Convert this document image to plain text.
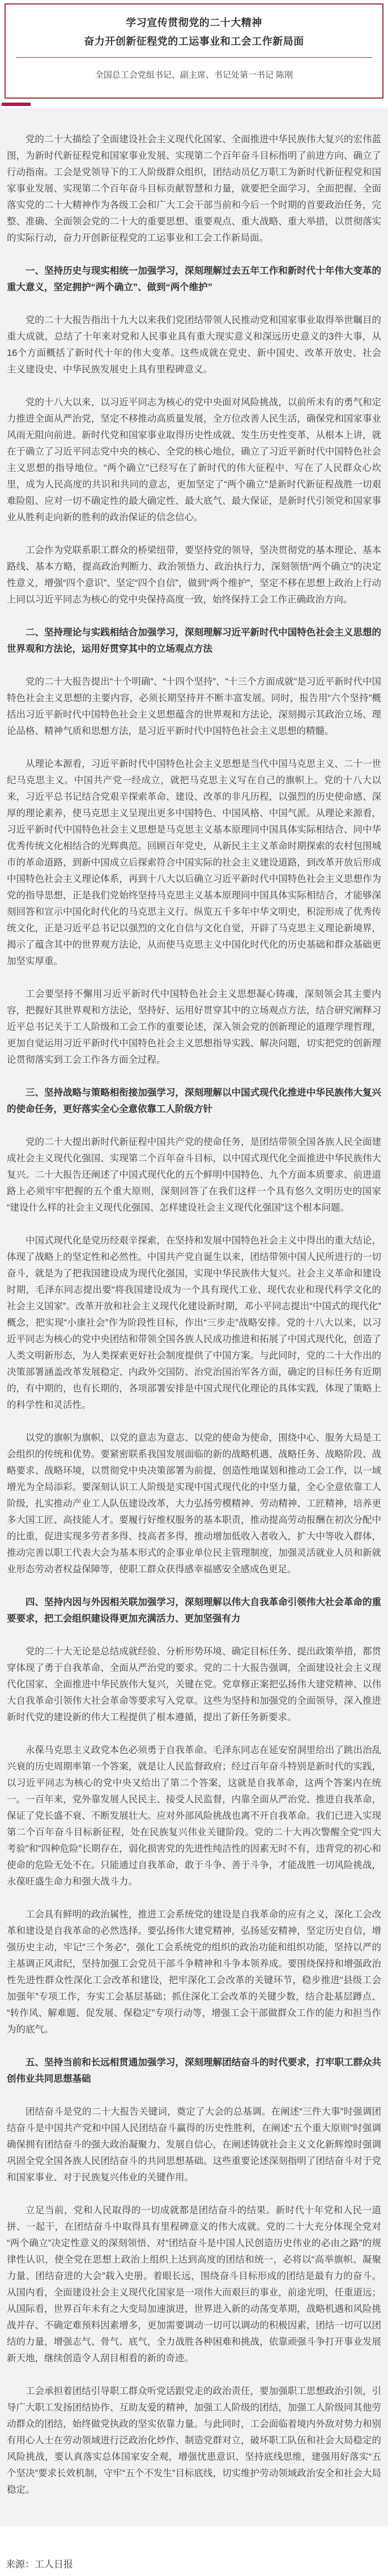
学习宣传贯彻党的二十大精神
奋力开创新征程党的工运事业和工会工作新局面
全国总工会党组书记、副主席、书记处第一书记 陈刚

党的二十大描绘了全面建设社会主义现代化国家、全面推进中华民族伟大复兴的宏伟蓝图，为新时代新征程党和国家事业发展、实现第二个百年奋斗目标指明了前进方向、确立了行动指南。工会是党领导下的工人阶级群众组织，团结动员亿万职工为新时代新征程党和国家事业发展、实现第二个百年奋斗目标贡献智慧和力量，就要把全面学习、全面把握、全面落实党的二十大精神作为各级工会和广大工会干部当前和今后一个时期的首要政治任务，完整、准确、全面领会党的二十大的重要思想、重要观点、重大战略、重大举措，以贯彻落实的实际行动，奋力开创新征程党的工运事业和工会工作新局面。

一、坚持历史与现实相统一加强学习，深刻理解过去五年工作和新时代十年伟大变革的重大意义，坚定拥护“两个确立”、做到“两个维护”

党的二十大报告指出十九大以来我们党团结带领人民推动党和国家事业取得举世瞩目的重大成就，总结了十年来对党和人民事业具有重大现实意义和深远历史意义的3件大事，从16个方面概括了新时代十年的伟大变革。这些成就在党史、新中国史、改革开放史、社会主义建设史、中华民族发展史上具有里程碑意义。

党的十八大以来，以习近平同志为核心的党中央面对风险挑战，以前所未有的勇气和定力推进全面从严治党，坚定不移推动高质量发展，全方位改善人民生活，确保党和国家事业风雨无阻向前进。新时代党和国家事业取得历史性成就、发生历史性变革，从根本上讲，就在于确立了习近平同志党中央的核心、全党的核心地位，确立了习近平新时代中国特色社会主义思想的指导地位。“两个确立”已经写在了新时代的伟大征程中、写在了人民群众心坎里，成为人民高度的共识和共同的意志，更加坚定了“两个确立”是新时代新征程战胜一切艰难险阻、应对一切不确定性的最大确定性、最大底气、最大保证，是新时代引领党和国家事业从胜利走向新的胜利的政治保证的信念信心。

工会作为党联系职工群众的桥梁纽带，要坚持党的领导，坚决贯彻党的基本理论、基本路线、基本方略，提高政治判断力、政治领悟力、政治执行力，深刻领悟“两个确立”的决定性意义，增强“四个意识”、坚定“四个自信”，做到“两个维护”，坚定不移在思想上政治上行动上同以习近平同志为核心的党中央保持高度一致，始终保持工会工作正确政治方向。

二、坚持理论与实践相结合加强学习，深刻理解习近平新时代中国特色社会主义思想的世界观和方法论，运用好贯穿其中的立场观点方法

党的二十大报告提出“十个明确”、“十四个坚持”、“十三个方面成就”是习近平新时代中国特色社会主义思想的主要内容，必须长期坚持并不断丰富发展。同时，报告用“六个坚持”概括出习近平新时代中国特色社会主义思想蕴含的世界观和方法论，深刻揭示其政治立场、理论品格、精神气质和思想方法，是习近平新时代中国特色社会主义思想的精髓。

从理论本源看，习近平新时代中国特色社会主义思想是当代中国马克思主义、二十一世纪马克思主义。中国共产党一经成立，就把马克思主义写在自己的旗帜上。党的十八大以来，习近平总书记结合党艰辛探索革命、建设、改革的非凡历程，以强烈的历史使命感、深厚的理论素养，使马克思主义呈现出更多中国特色、中国风格、中国气派。从理论来源看，习近平新时代中国特色社会主义思想是马克思主义基本原理同中国具体实际相结合、同中华优秀传统文化相结合的光辉典范。回顾百年党史，从新民主主义革命时期探索的农村包围城市的革命道路，到新中国成立后探索符合中国实际的社会主义建设道路，到改革开放后形成中国特色社会主义理论体系，再到十八大以后确立习近平新时代中国特色社会主义思想作为党的指导思想，正是我们党始终坚持马克思主义基本原理同中国具体实际相结合，才能够深刻回答和宣示中国化时代化的马克思主义行。纵览五千多年中华文明史，积淀形成了优秀传统文化，正是习近平总书记以强烈的文化自信与文化自觉，开辟了马克思主义理论新境界，揭示了蕴含其中的世界观方法论，从而使马克思主义中国化时代化的历史基础和群众基础更加坚实厚重。

工会要坚持不懈用习近平新时代中国特色社会主义思想凝心铸魂，深刻领会其主要内容，把握好其世界观和方法论，坚持好、运用好贯穿其中的立场观点方法，结合研究阐释习近平总书记关于工人阶级和工会工作的重要论述，深入领会党的创新理论的道理学理哲理，更加自觉运用习近平新时代中国特色社会主义思想指导实践、解决问题，切实把党的创新理论贯彻落实到工会工作各方面全过程。

三、坚持战略与策略相衔接加强学习，深刻理解以中国式现代化推进中华民族伟大复兴的使命任务，更好落实全心全意依靠工人阶级方针

党的二十大提出新时代新征程中国共产党的使命任务，是团结带领全国各族人民全面建成社会主义现代化强国、实现第二个百年奋斗目标，以中国式现代化全面推进中华民族伟大复兴。二十大报告还阐述了中国式现代化的五个鲜明中国特色、九个方面本质要求、前进道路上必须牢牢把握的五个重大原则，深刻回答了在我们这样一个具有悠久文明历史的国家“建设什么样的社会主义现代化强国、怎样建设社会主义现代化强国”这个根本问题。

中国式现代化是党历经艰辛探索，在坚持和发展中国特色社会主义中得出的重大结论，体现了战略上的坚定性和必然性。中国共产党自诞生以来，团结带领中国人民所进行的一切奋斗，就是为了把我国建设成为现代化强国，实现中华民族伟大复兴。社会主义革命和建设时期，毛泽东同志提出要“将我国建设成为一个具有现代工业、现代农业和现代科学文化的社会主义国家”。改革开放和社会主义现代化建设新时期，邓小平同志提出“中国式的现代化”概念，把实现“小康社会”作为阶段性目标，作出“三步走”战略安排。党的十八大以来，以习近平同志为核心的党中央团结和带领全国各族人民成功推进和拓展了中国式现代化，创造了人类文明新形态，为人类探索更好社会制度提供了中国方案。与此同时，党的二十大作出的决策部署涵盖改革发展稳定、内政外交国防、治党治国治军各方面，确定的目标任务有近期的，有中期的，也有长期的，各项部署安排是中国式现代化理论的具体实践，体现了策略上的科学性和灵活性。

以党的旗帜为旗帜、以党的意志为意志、以党的使命为使命，围绕中心、服务大局是工会组织的传统和优势。要紧密联系我国发展面临的新的战略机遇、战略任务、战略阶段、战略要求、战略环境，以贯彻党中央决策部署为前提，创造性地谋划和推动工会工作，以一域增光为全局添彩。要深刻认识工人阶级是实现中国式现代化的中坚力量，全心全意依靠工人阶级，扎实推动产业工人队伍建设改革，大力弘扬劳模精神、劳动精神、工匠精神，培养更多大国工匠、高技能人才。要履行好维权服务的基本职责，推动提高劳动报酬在初次分配中的比重，促进实现多劳者多得、技高者多得，推动增加低收入者收入，扩大中等收入群体，推动完善以职工代表大会为基本形式的企事业单位民主管理制度，加强灵活就业人员和新就业形态劳动者权益保障等，使职工群众获得感幸福感安全感成色更足。

四、坚持内因与外因相关联加强学习，深刻理解以伟大自我革命引领伟大社会革命的重要要求，把工会组织建设得更加充满活力、更加坚强有力

党的二十大无论是总结成就经验、分析形势环境、确定目标任务、提出政策举措，都贯穿体现了勇于自我革命、全面从严治党的要求。党的二十大报告强调，全面建设社会主义现代化国家、全面推进中华民族伟大复兴，关键在党。党章修正案把弘扬伟大建党精神、以伟大自我革命引领伟大社会革命等要求写入党章。这些为坚持和加强党的全面领导，深入推进新时代党的建设新的伟大工程提供了根本遵循，提出了新任务新要求。

永葆马克思主义政党本色必须勇于自我革命。毛泽东同志在延安窑洞里给出了跳出治乱兴衰的历史周期率第一个答案，就是让人民监督政府；经过百年奋斗特别是新时代的实践，以习近平同志为核心的党中央又给出了第二个答案，这就是自我革命，这两个答案内在统一。一百年来，党外靠发展人民民主、接受人民监督，内靠全面从严治党、推进自我革命，保证了党长盛不衰、不断发展壮大。应对外部风险挑战也离不开自我革命。我们已进入实现第二个百年奋斗目标新征程，处在民族复兴伟业关键阶段。党的二十大再次警醒全党“四大考验”和“四种危险”长期存在，弱化损害党的先进性纯洁性的因素无时不有，违背党的初心和使命的危险无处不在。只能通过自我革命，敢于斗争、善于斗争，才能战胜一切风险挑战，永葆旺盛生命力和强大战斗力。

工会具有鲜明的政治属性，推进工会系统党的建设是自我革命的应有之义，深化工会改革和建设是自我革命的必然选择。要弘扬伟大建党精神，弘扬延安精神，坚定历史自信，增强历史主动，牢记“三个务必”，强化工会系统党的组织的政治功能和组织功能，坚持以严的主基调正风肃纪，坚持加强工会党员干部斗争精神和斗争本领养成。要围绕保持和增强政治性先进性群众性深化工会改革和建设，把牢深化工会改革的关键环节，稳步推进“县级工会加强年”专项工作，夯实工会基层基础；抓住深化工会改革的关键少数，结合赴基层蹲点、“转作风、解难题、促发展、保稳定”专项行动等，增强工会干部做群众工作的能力和担当作为的底气。

五、坚持当前和长远相贯通加强学习，深刻理解团结奋斗的时代要求，打牢职工群众共创伟业共同思想基础

团结奋斗是党的二十大报告关键词，奠定了大会的总基调。在阐述“三件大事”时强调团结奋斗是中国共产党和中国人民团结奋斗赢得的历史性胜利，在阐述“五个重大原则”时强调确保拥有团结奋斗的强大政治凝聚力、发展自信心，在阐述铸就社会主义文化新辉煌时强调巩固全党全国各族人民团结奋斗的共同思想基础。这些重要论述深刻指明了团结奋斗对于党和国家事业、对于民族复兴伟业的关键作用。

立足当前，党和人民取得的一切成就都是团结奋斗的结果。新时代十年党和人民一道拼、一起干，在团结奋斗中取得具有里程碑意义的伟大成就。党的二十大充分体现全党对“两个确立”决定性意义的深刻领悟、对“团结奋斗是中国人民创造历史伟业的必由之路”的规律性认识，使全党在思想上政治上组织上达到高度的团结和统一，必将以“高举旗帜、凝聚力量、团结奋进的大会”载入史册。着眼长远，围绕奋斗目标形成的团结是最有力的奋斗。从国内看，全面建设社会主义现代化国家是一项伟大而艰巨的事业，前途光明，任重道远；从国际看，世界百年未有之大变局加速演进，世界进入新的动荡变革期，战略机遇和风险挑战并存、不确定难预料因素增多，更加需要调动一切可以调动的积极因素，团结一切可以团结的力量，增强志气、骨气、底气，全力战胜各种困难和挑战，依靠顽强斗争打开事业发展新天地，继续创造令人刮目相看的新的奇迹。

工会承担着团结引导职工群众听党话跟党走的政治责任，要加强职工思想政治引领，引导广大职工发扬团结协作、互助友爱的精神，加强工人阶级的团结，加强工人阶级同其他劳动群众的团结，始终做党执政的坚实依靠力量。与此同时，工会面临着境内外敌对势力和别有用心人士在劳动领域进行泛政治化炒作、制造党群对立，破坏职工队伍和社会大局稳定的风险挑战，要认真落实总体国家安全观，增强忧患意识、坚持底线思维，建强用好落实“五个坚决”要求长效机制，守牢“五个不发生”目标底线，切实维护劳动领域政治安全和社会大局稳定。

来源：工人日报
